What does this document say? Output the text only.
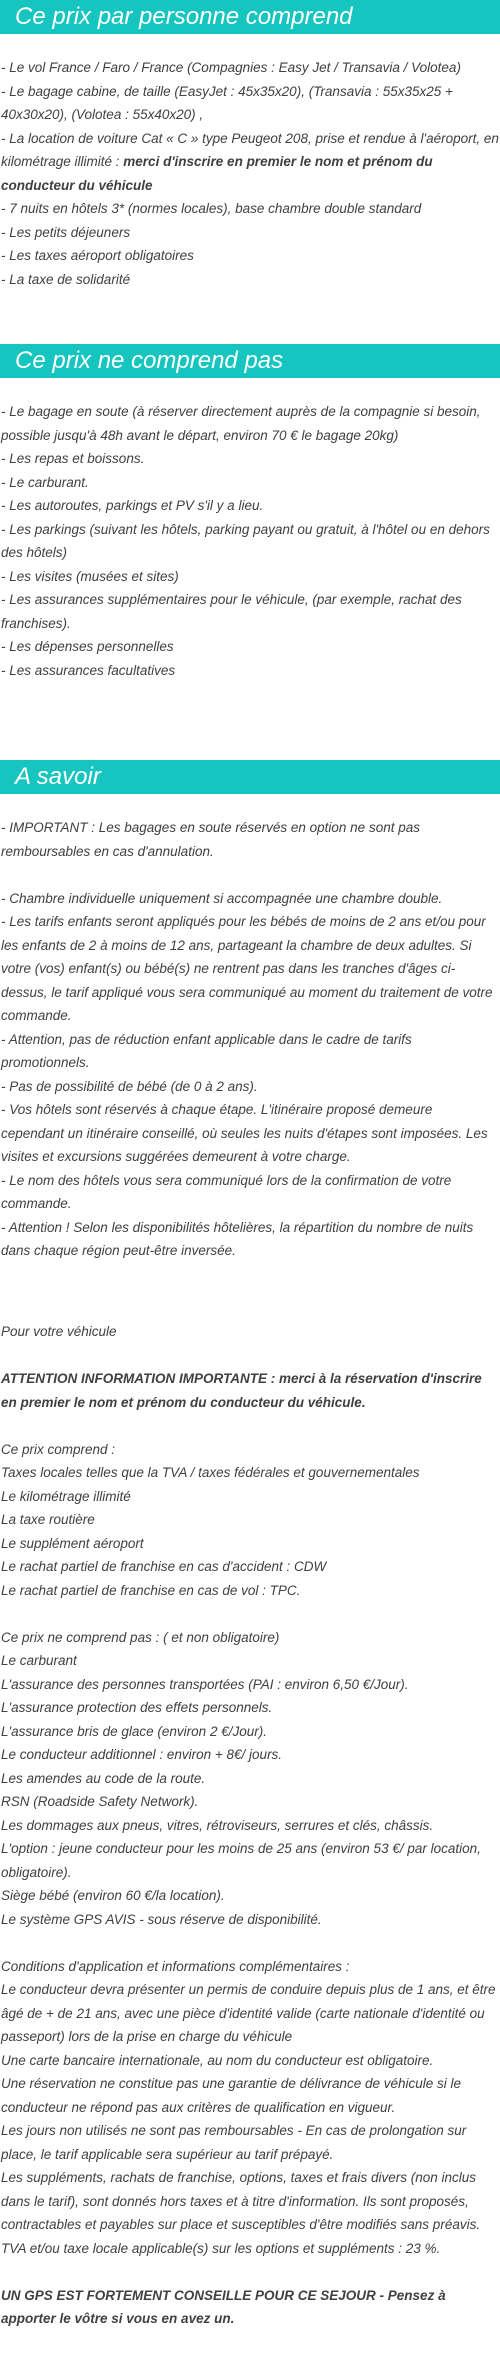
Ce prix par personne comprend
- Le vol France / Faro / France (Compagnies : Easy Jet / Transavia / Volotea)
- Le bagage cabine, de taille (EasyJet : 45x35x20), (Transavia : 55x35x25 + 40x30x20), (Volotea : 55x40x20) ,
- La location de voiture Cat « C » type Peugeot 208, prise et rendue à l'aéroport, en kilométrage illimité : merci d'inscrire en premier le nom et prénom du conducteur du véhicule
- 7 nuits en hôtels 3* (normes locales), base chambre double standard
- Les petits déjeuners
- Les taxes aéroport obligatoires
- La taxe de solidarité
Ce prix ne comprend pas
- Le bagage en soute (à réserver directement auprès de la compagnie si besoin, possible jusqu'à 48h avant le départ, environ 70 € le bagage 20kg)
- Les repas et boissons.
- Le carburant.
- Les autoroutes, parkings et PV s'il y a lieu.
- Les parkings (suivant les hôtels, parking payant ou gratuit, à l'hôtel ou en dehors des hôtels)
- Les visites (musées et sites)
- Les assurances supplémentaires pour le véhicule, (par exemple, rachat des franchises).
- Les dépenses personnelles
- Les assurances facultatives
A savoir
- IMPORTANT : Les bagages en soute réservés en option ne sont pas remboursables en cas d'annulation.
- Chambre individuelle uniquement si accompagnée une chambre double.
- Les tarifs enfants seront appliqués pour les bébés de moins de 2 ans et/ou pour les enfants de 2 à moins de 12 ans, partageant la chambre de deux adultes. Si votre (vos) enfant(s) ou bébé(s) ne rentrent pas dans les tranches d'âges ci-dessus, le tarif appliqué vous sera communiqué au moment du traitement de votre commande.
- Attention, pas de réduction enfant applicable dans le cadre de tarifs promotionnels.
- Pas de possibilité de bébé (de 0 à 2 ans).
- Vos hôtels sont réservés à chaque étape. L'itinéraire proposé demeure cependant un itinéraire conseillé, où seules les nuits d'étapes sont imposées. Les visites et excursions suggérées demeurent à votre charge.
- Le nom des hôtels vous sera communiqué lors de la confirmation de votre commande.
- Attention ! Selon les disponibilités hôtelières, la répartition du nombre de nuits dans chaque région peut-être inversée.
Pour votre véhicule
ATTENTION INFORMATION IMPORTANTE : merci à la réservation d'inscrire en premier le nom et prénom du conducteur du véhicule.
Ce prix comprend :
Taxes locales telles que la TVA / taxes fédérales et gouvernementales
Le kilométrage illimité
La taxe routière
Le supplément aéroport
Le rachat partiel de franchise en cas d'accident : CDW
Le rachat partiel de franchise en cas de vol : TPC.
Ce prix ne comprend pas : ( et non obligatoire)
Le carburant
L'assurance des personnes transportées (PAI : environ 6,50 €/Jour).
L'assurance protection des effets personnels.
L'assurance bris de glace (environ 2 €/Jour).
Le conducteur additionnel : environ + 8€/ jours.
Les amendes au code de la route.
RSN (Roadside Safety Network).
Les dommages aux pneus, vitres, rétroviseurs, serrures et clés, châssis.
L'option : jeune conducteur pour les moins de 25 ans (environ 53 €/ par location, obligatoire).
Siège bébé (environ 60 €/la location).
Le système GPS AVIS - sous réserve de disponibilité.
Conditions d'application et informations complémentaires :
Le conducteur devra présenter un permis de conduire depuis plus de 1 ans, et être âgé de + de 21 ans, avec une pièce d'identité valide (carte nationale d'identité ou passeport) lors de la prise en charge du véhicule
Une carte bancaire internationale, au nom du conducteur est obligatoire.
Une réservation ne constitue pas une garantie de délivrance de véhicule si le conducteur ne répond pas aux critères de qualification en vigueur.
Les jours non utilisés ne sont pas remboursables - En cas de prolongation sur place, le tarif applicable sera supérieur au tarif prépayé.
Les suppléments, rachats de franchise, options, taxes et frais divers (non inclus dans le tarif), sont donnés hors taxes et à titre d'information. Ils sont proposés, contractables et payables sur place et susceptibles d'être modifiés sans préavis. TVA et/ou taxe locale applicable(s) sur les options et suppléments : 23 %.
UN GPS EST FORTEMENT CONSEILLE POUR CE SEJOUR - Pensez à apporter le vôtre si vous en avez un.
